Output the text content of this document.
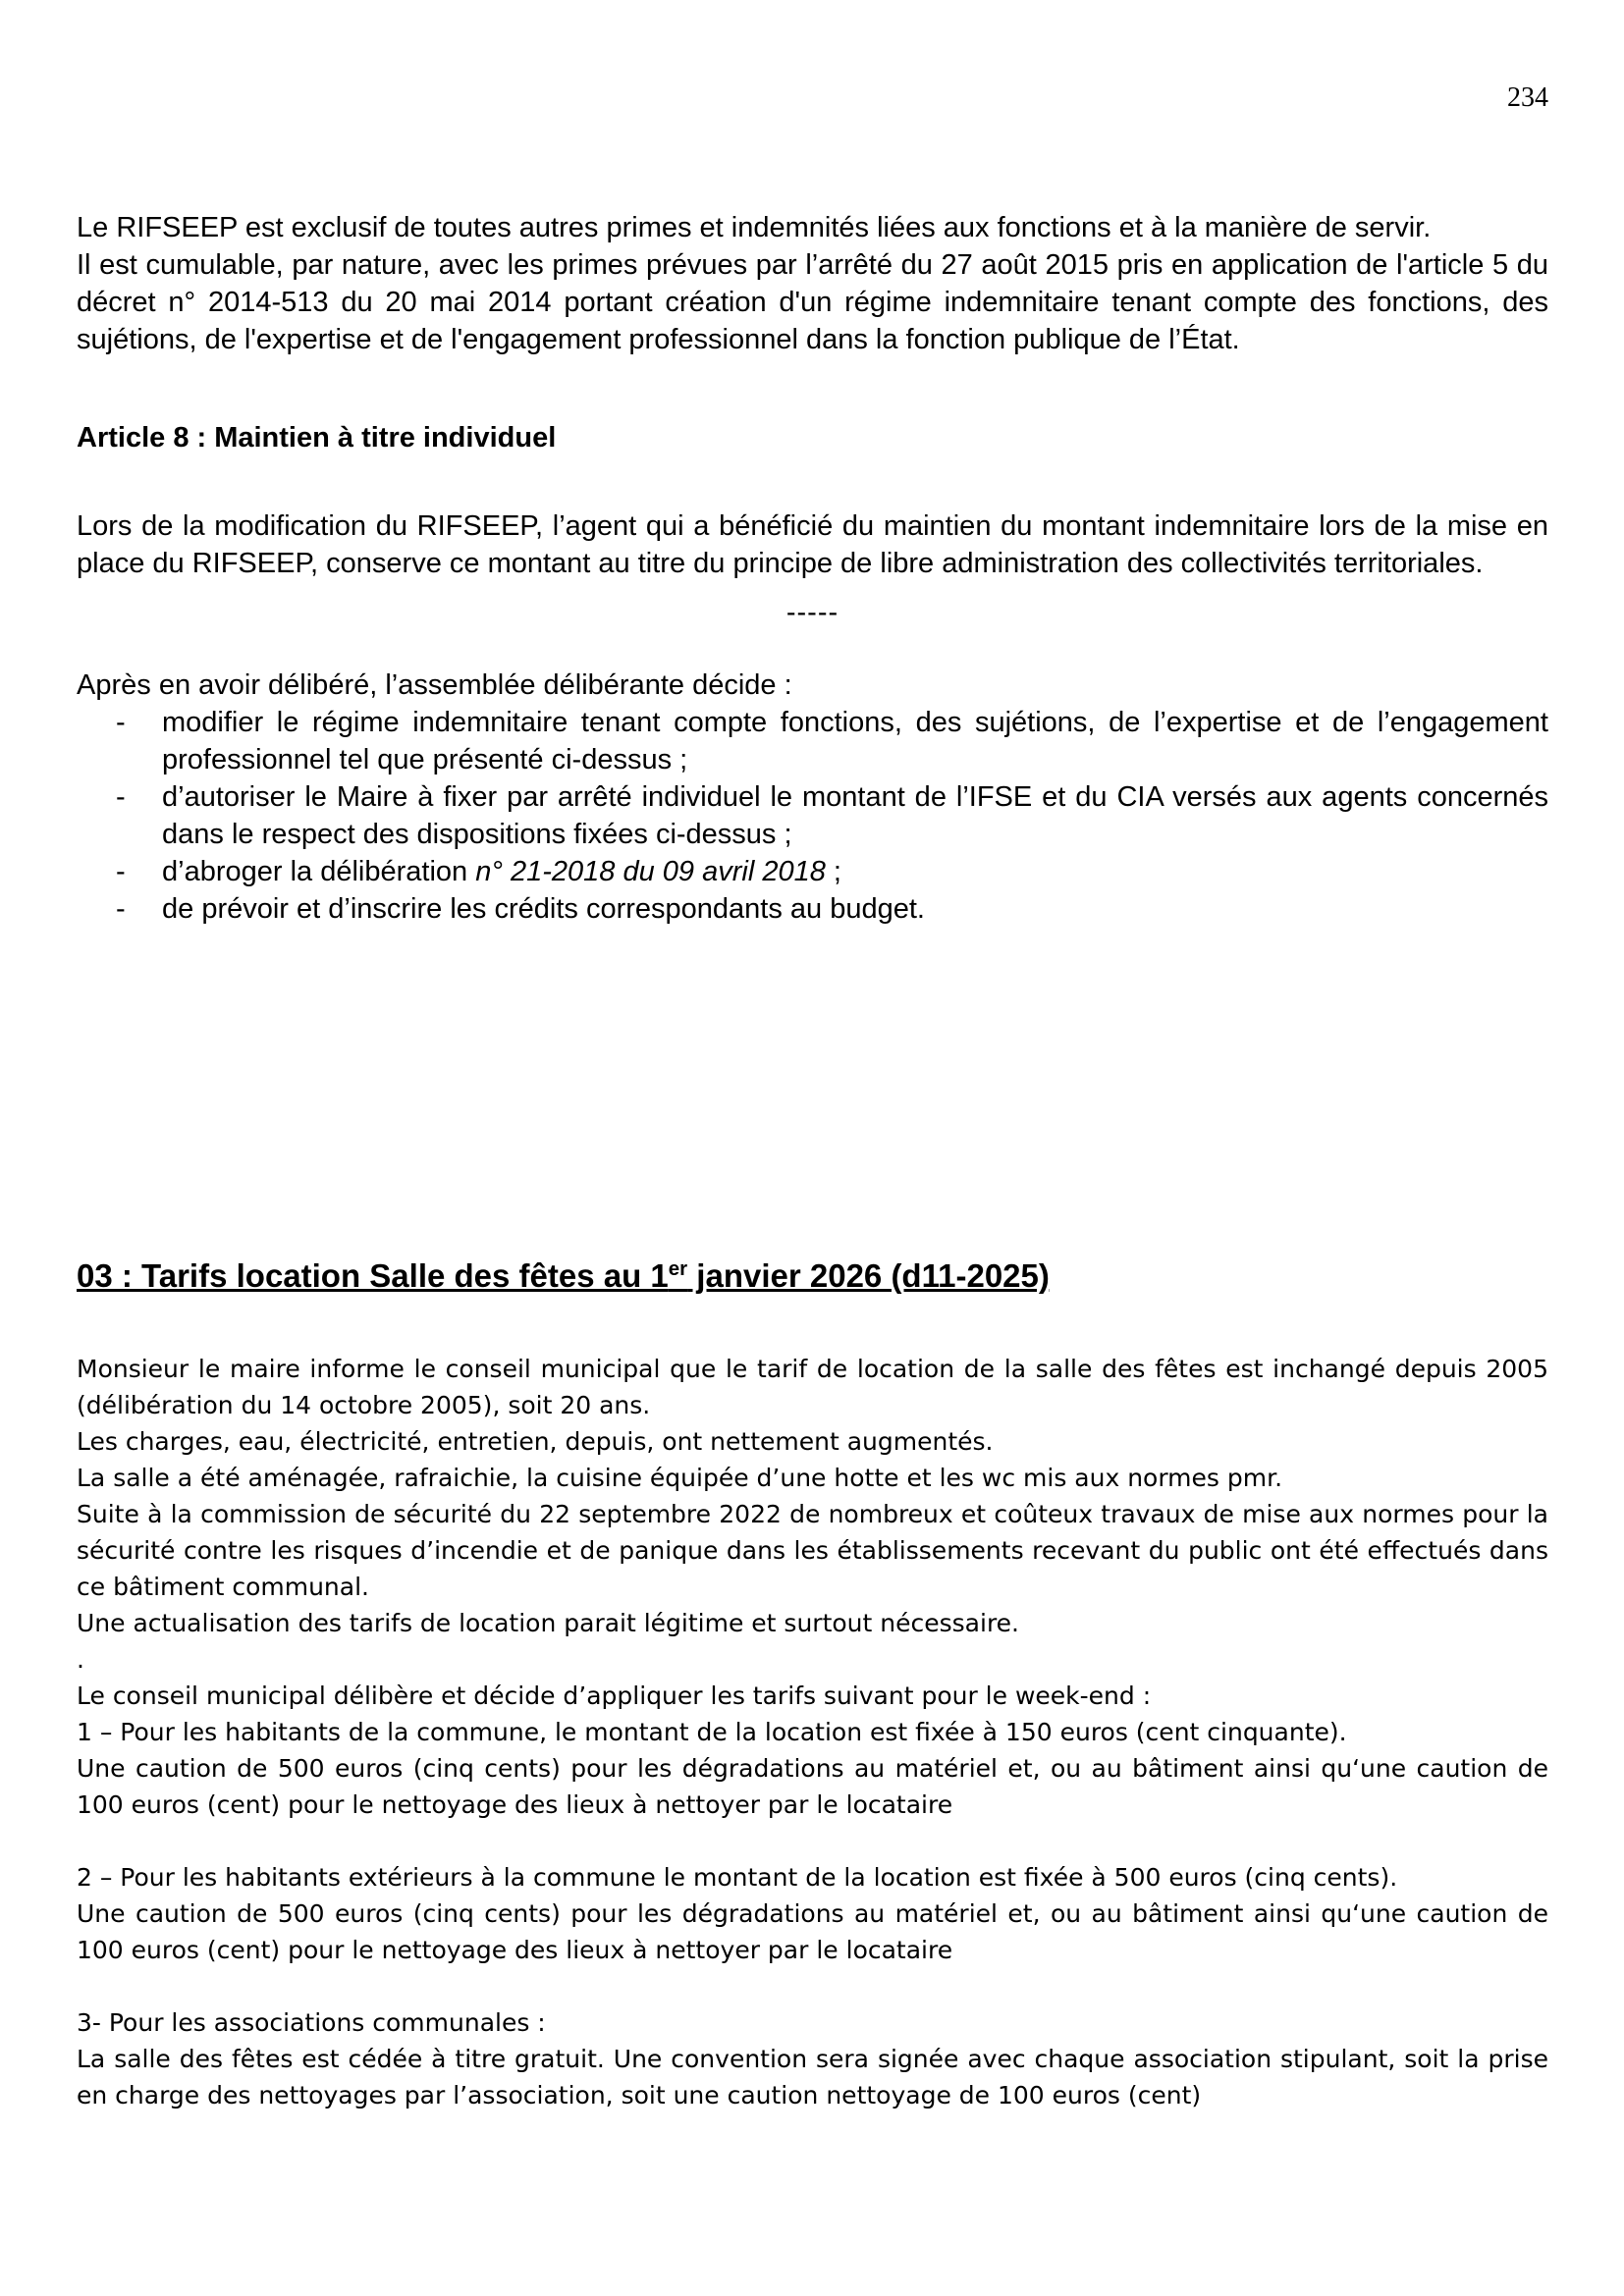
234

Le RIFSEEP est exclusif de toutes autres primes et indemnités liées aux fonctions et à la manière de servir.

Il est cumulable, par nature, avec les primes prévues par l’arrêté du 27 août 2015 pris en application de l'article 5 du décret n° 2014-513 du 20 mai 2014 portant création d'un régime indemnitaire tenant compte des fonctions, des sujétions, de l'expertise et de l'engagement professionnel dans la fonction publique de l’État.

Article 8 : Maintien à titre individuel

Lors de la modification du RIFSEEP, l’agent qui a bénéficié du maintien du montant indemnitaire lors de la mise en place du RIFSEEP, conserve ce montant au titre du principe de libre administration des collectivités territoriales.

-----

Après en avoir délibéré, l’assemblée délibérante décide :

- modifier le régime indemnitaire tenant compte fonctions, des sujétions, de l’expertise et de l’engagement professionnel tel que présenté ci-dessus ;
- d’autoriser le Maire à fixer par arrêté individuel le montant de l’IFSE et du CIA versés aux agents concernés dans le respect des dispositions fixées ci-dessus ;
- d’abroger la délibération n° 21-2018 du 09 avril 2018 ;
- de prévoir et d’inscrire les crédits correspondants au budget.
03 : Tarifs location Salle des fêtes au 1er janvier 2026 (d11-2025)

Monsieur le maire informe le conseil municipal que le tarif de location de la salle des fêtes est inchangé depuis 2005 (délibération du 14 octobre 2005), soit 20 ans.

Les charges, eau, électricité, entretien, depuis, ont nettement augmentés.

La salle a été aménagée, rafraichie, la cuisine équipée d’une hotte et les wc mis aux normes pmr.

Suite à la commission de sécurité du 22 septembre 2022 de nombreux et coûteux travaux de mise aux normes pour la sécurité contre les risques d’incendie et de panique dans les établissements recevant du public ont été effectués dans ce bâtiment communal.

Une actualisation des tarifs de location parait légitime et surtout nécessaire.

.

Le conseil municipal délibère et décide d’appliquer les tarifs suivant pour le week-end :

1 – Pour les habitants de la commune, le montant de la location est fixée à 150 euros (cent cinquante).

Une caution de 500 euros (cinq cents) pour les dégradations au matériel et, ou au bâtiment ainsi qu‘une caution de 100 euros (cent) pour le nettoyage des lieux à nettoyer par le locataire

2 – Pour les habitants extérieurs à la commune le montant de la location est fixée à 500 euros (cinq cents).

Une caution de 500 euros (cinq cents) pour les dégradations au matériel et, ou au bâtiment ainsi qu‘une caution de 100 euros (cent) pour le nettoyage des lieux à nettoyer par le locataire

3- Pour les associations communales :

La salle des fêtes est cédée à titre gratuit. Une convention sera signée avec chaque association stipulant, soit la prise en charge des nettoyages par l’association, soit une caution nettoyage de 100 euros (cent)
